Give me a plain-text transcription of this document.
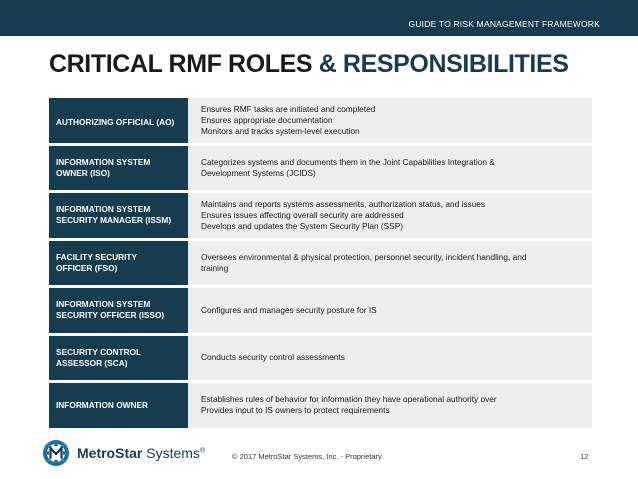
GUIDE TO RISK MANAGEMENT FRAMEWORK
CRITICAL RMF ROLES & RESPONSIBILITIES
AUTHORIZING OFFICIAL (AO)
Ensures RMF tasks are initiated and completed
Ensures appropriate documentation
Monitors and tracks system-level execution
INFORMATION SYSTEM
OWNER (ISO)
Categorizes systems and documents them in the Joint Capabilities Integration &
Development Systems (JCIDS)
INFORMATION SYSTEM
SECURITY MANAGER (ISSM)
Maintains and reports systems assessments, authorization status, and issues
Ensures issues affecting overall security are addressed
Develops and updates the System Security Plan (SSP)
FACILITY SECURITY
OFFICER (FSO)
Oversees environmental & physical protection, personnel security, incident handling, and
training
INFORMATION SYSTEM
SECURITY OFFICER (ISSO)
Configures and manages security posture for IS
SECURITY CONTROL
ASSESSOR (SCA)
Conducts security control assessments
INFORMATION OWNER
Establishes rules of behavior for information they have operational authority over
Provides input to IS owners to protect requirements
MetroStar Systems®
© 2017 MetroStar Systems, Inc. - Proprietary	12
